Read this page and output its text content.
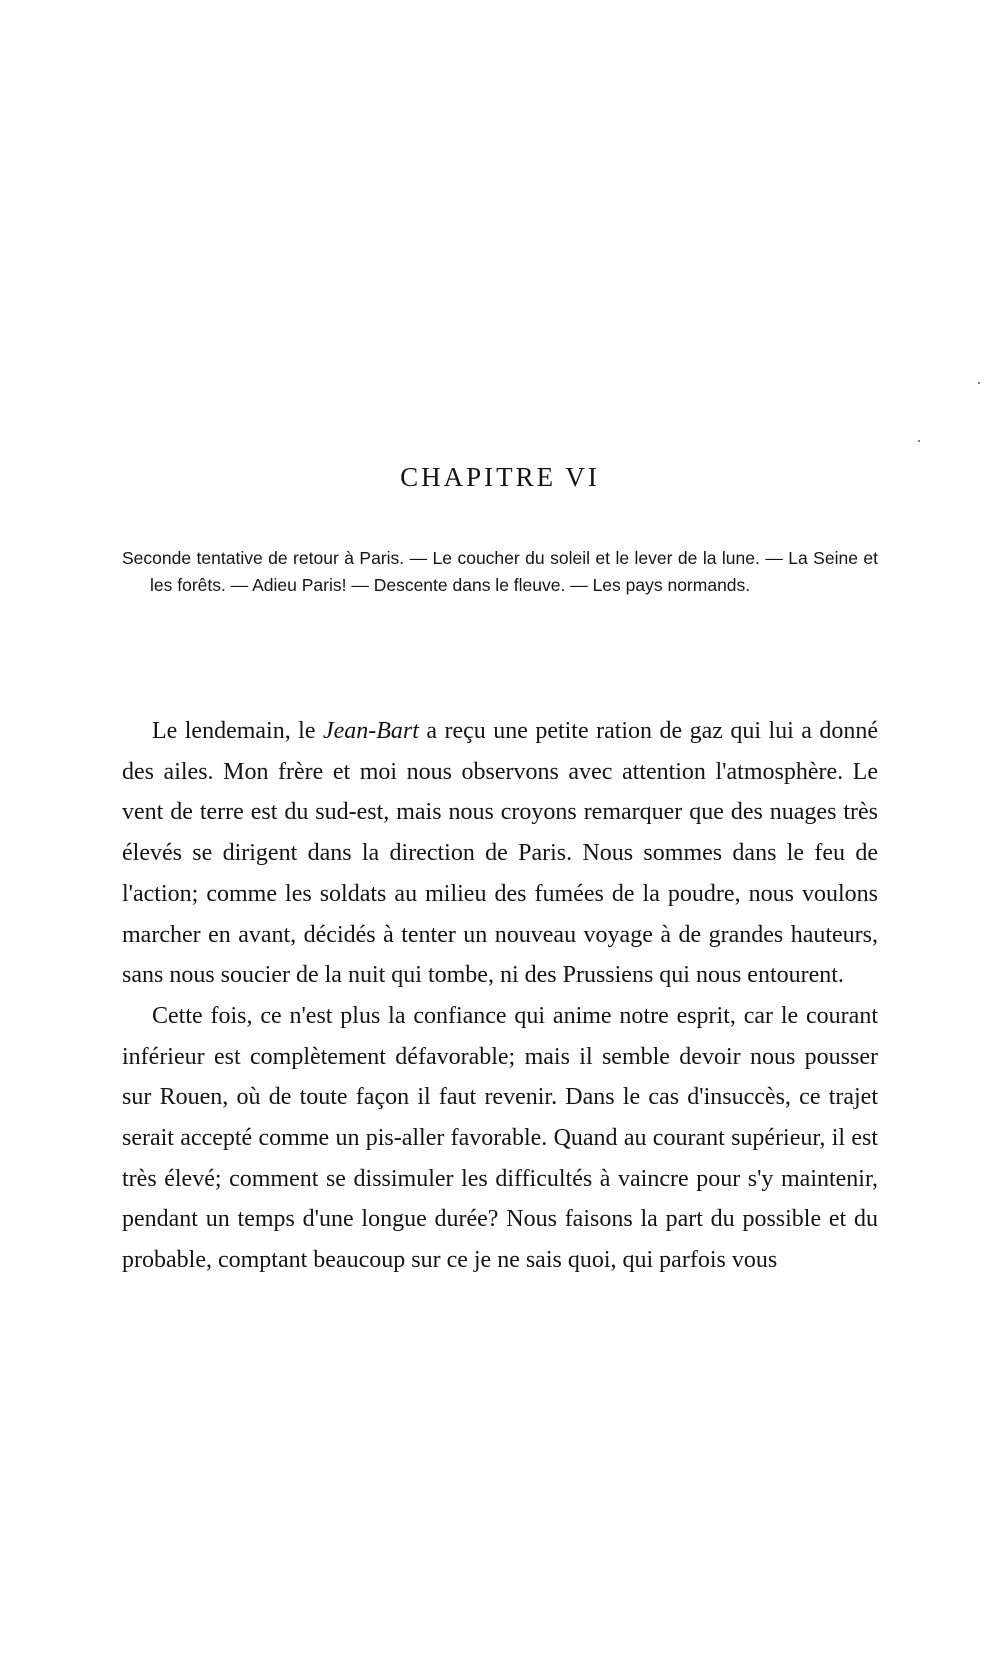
CHAPITRE VI

Seconde tentative de retour à Paris. — Le coucher du soleil et le lever de la lune. — La Seine et les forêts. — Adieu Paris! — Descente dans le fleuve. — Les pays normands.

Le lendemain, le Jean-Bart a reçu une petite ration de gaz qui lui a donné des ailes. Mon frère et moi nous observons avec attention l'atmosphère. Le vent de terre est du sud-est, mais nous croyons remarquer que des nuages très élevés se dirigent dans la direction de Paris. Nous sommes dans le feu de l'action; comme les soldats au milieu des fumées de la poudre, nous voulons marcher en avant, décidés à tenter un nouveau voyage à de grandes hauteurs, sans nous soucier de la nuit qui tombe, ni des Prussiens qui nous entourent.

Cette fois, ce n'est plus la confiance qui anime notre esprit, car le courant inférieur est complètement défavorable; mais il semble devoir nous pousser sur Rouen, où de toute façon il faut revenir. Dans le cas d'insuccès, ce trajet serait accepté comme un pis-aller favorable. Quand au courant supérieur, il est très élevé; comment se dissimuler les difficultés à vaincre pour s'y maintenir, pendant un temps d'une longue durée? Nous faisons la part du possible et du probable, comptant beaucoup sur ce je ne sais quoi, qui parfois vous
